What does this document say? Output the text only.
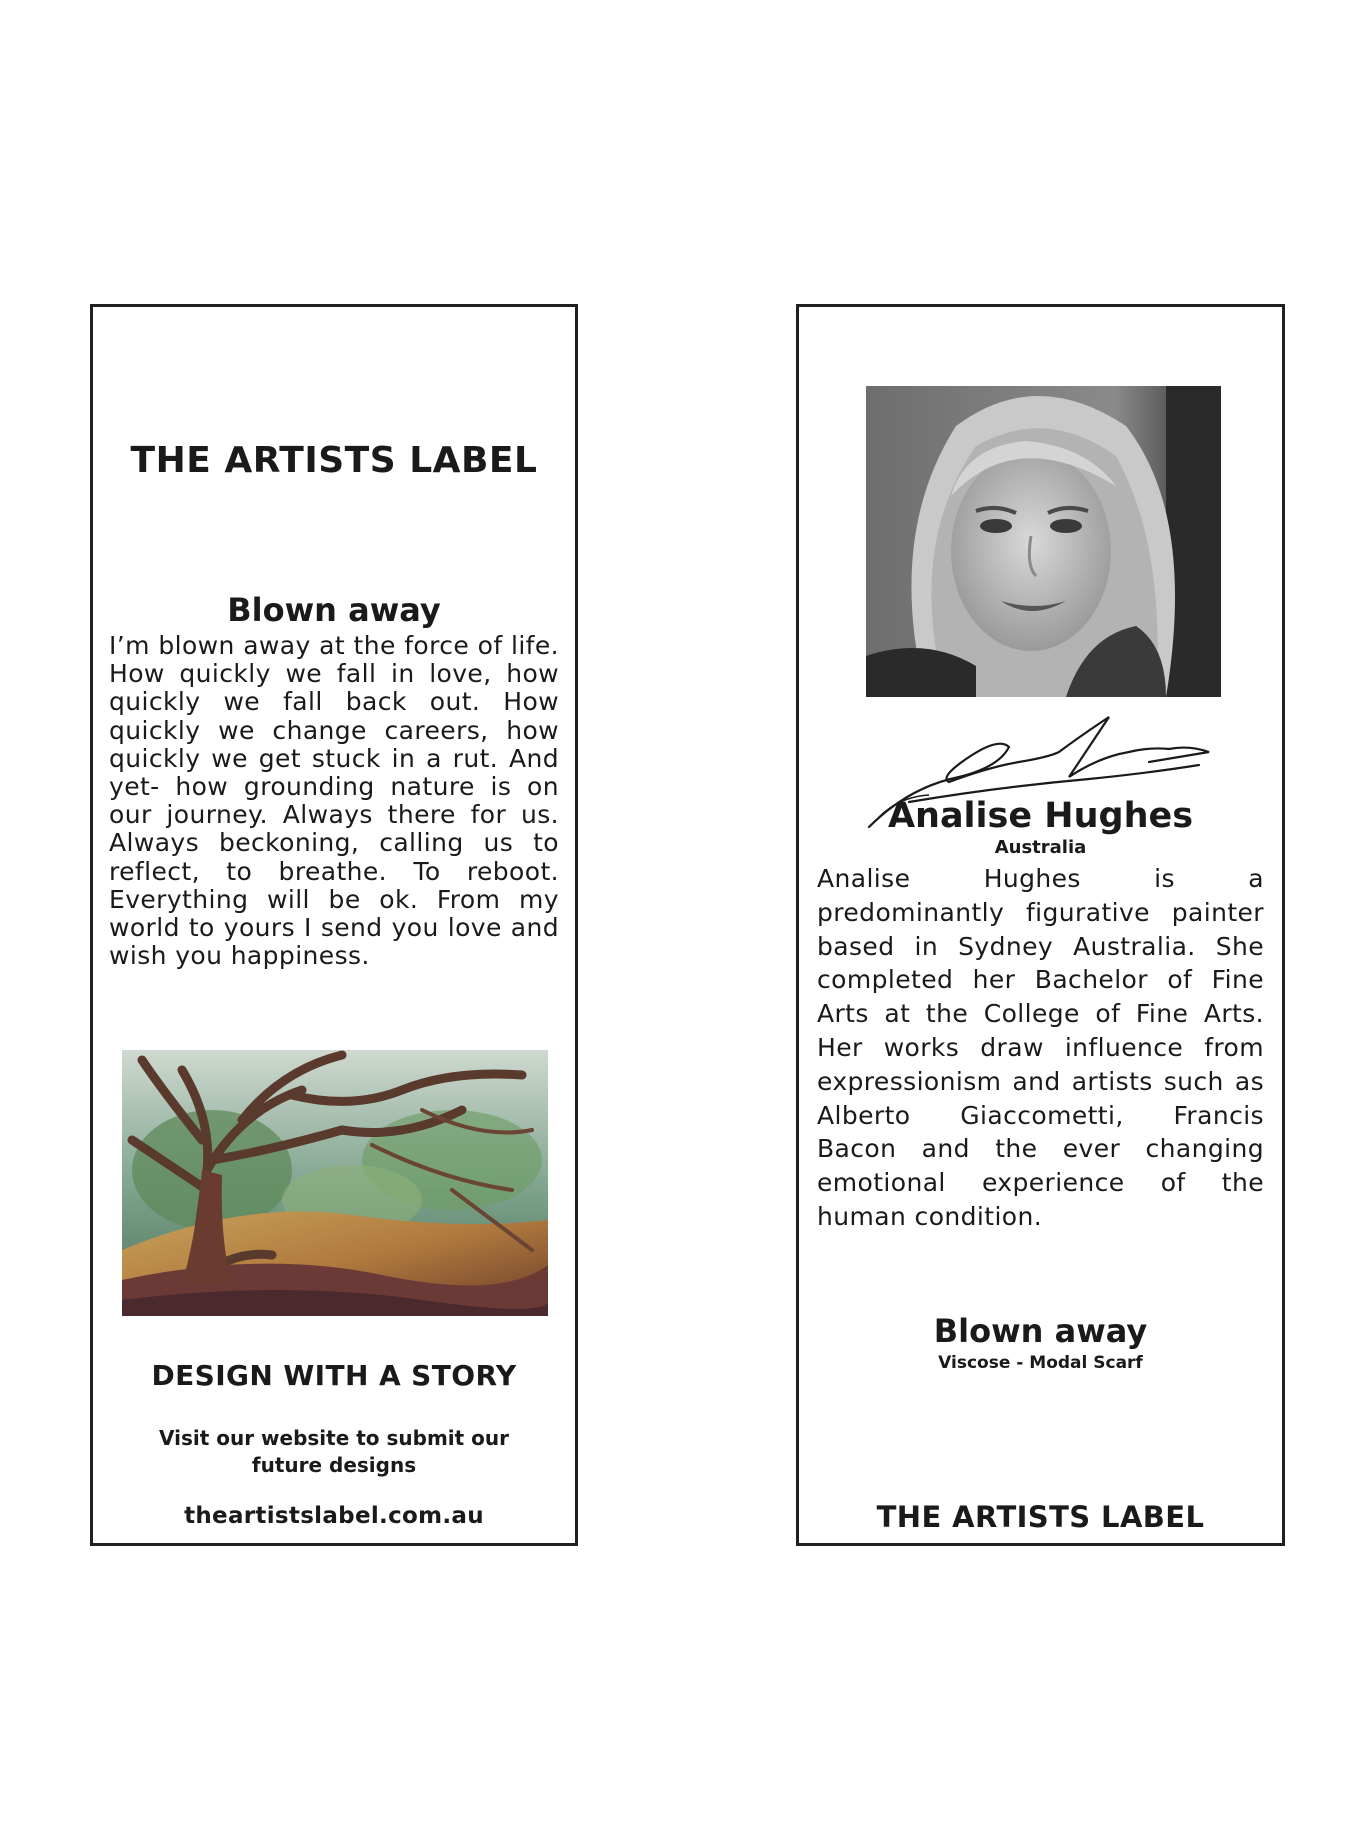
THE ARTISTS LABEL
Blown away

I’m blown away at the force of life. How quickly we fall in love, how quickly we fall back out. How quickly we change careers, how quickly we get stuck in a rut. And yet- how grounding nature is on our journey. Always there for us. Always beckoning, calling us to reflect, to breathe. To reboot. Everything will be ok. From my world to yours I send you love and wish you happiness.

DESIGN WITH A STORY
Visit our website to submit our future designs
theartistslabel.com.au
Analise Hughes
Australia

Analise Hughes is a predominantly figurative painter based in Sydney Australia. She completed her Bachelor of Fine Arts at the College of Fine Arts. Her works draw influence from expressionism and artists such as Alberto Giaccometti, Francis Bacon and the ever changing emotional experience of the human condition.

Blown away
Viscose - Modal Scarf
THE ARTISTS LABEL
